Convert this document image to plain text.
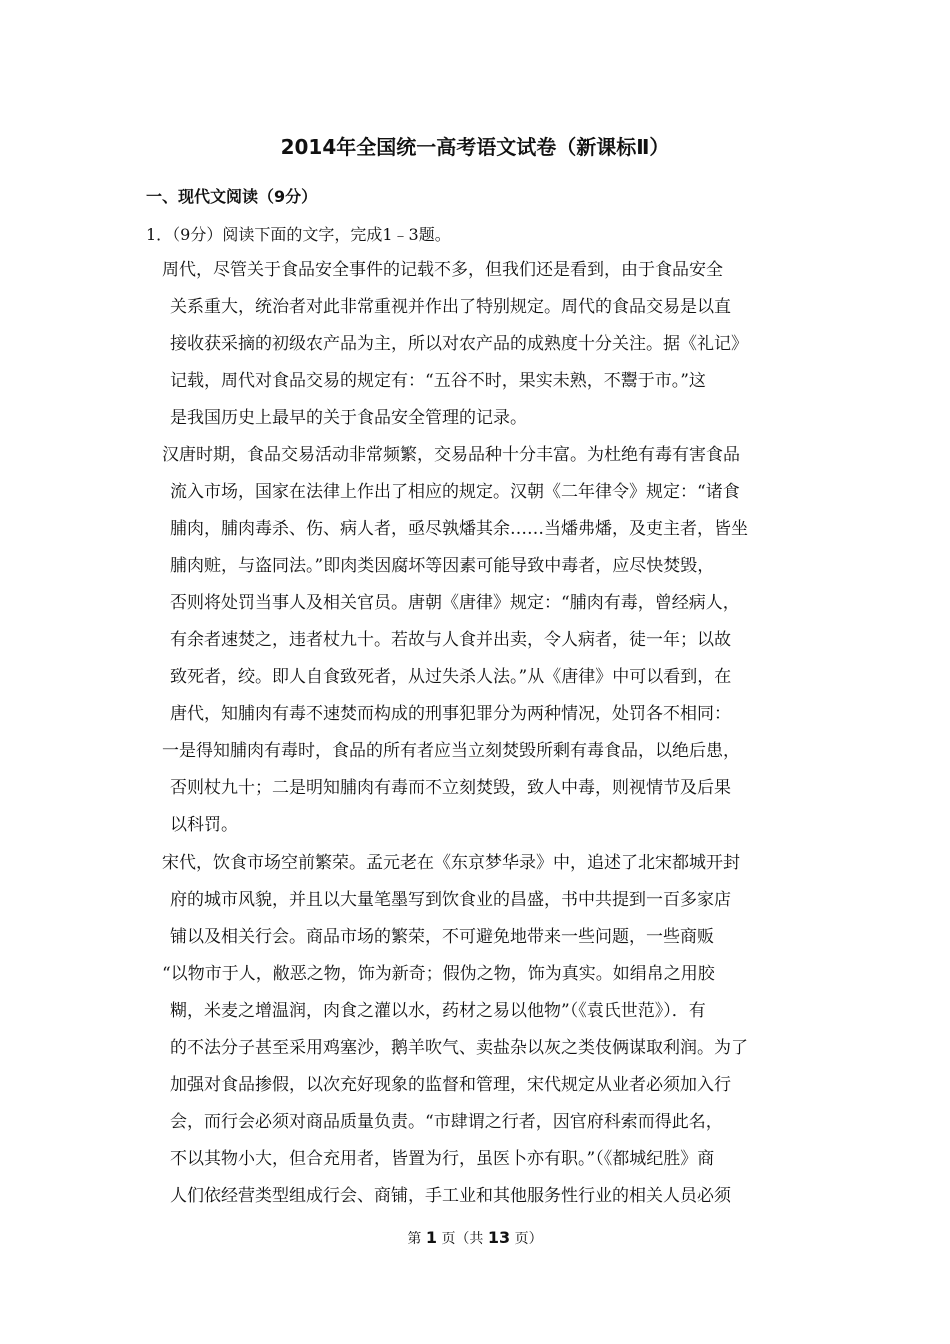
2014年全国统一高考语文试卷（新课标Ⅱ）
一、现代文阅读（9分）
1．（9分）阅读下面的文字，完成1﹣3题。
周代，尽管关于食品安全事件的记载不多，但我们还是看到，由于食品安全
关系重大，统治者对此非常重视并作出了特别规定。周代的食品交易是以直
接收获采摘的初级农产品为主，所以对农产品的成熟度十分关注。据《礼记》
记载，周代对食品交易的规定有：“五谷不时，果实未熟，不鬻于市。”这
是我国历史上最早的关于食品安全管理的记录。
汉唐时期，食品交易活动非常频繁，交易品种十分丰富。为杜绝有毒有害食品
流入市场，国家在法律上作出了相应的规定。汉朝《二年律令》规定：“诸食
脯肉，脯肉毒杀、伤、病人者，亟尽孰燔其余……当燔弗燔，及吏主者，皆坐
脯肉赃，与盗同法。”即肉类因腐坏等因素可能导致中毒者，应尽快焚毁，
否则将处罚当事人及相关官员。唐朝《唐律》规定：“脯肉有毒，曾经病人，
有余者速焚之，违者杖九十。若故与人食并出卖，令人病者，徒一年；以故
致死者，绞。即人自食致死者，从过失杀人法。”从《唐律》中可以看到，在
唐代，知脯肉有毒不速焚而构成的刑事犯罪分为两种情况，处罚各不相同：
一是得知脯肉有毒时，食品的所有者应当立刻焚毁所剩有毒食品，以绝后患，
否则杖九十；二是明知脯肉有毒而不立刻焚毁，致人中毒，则视情节及后果
以科罚。
宋代，饮食市场空前繁荣。孟元老在《东京梦华录》中，追述了北宋都城开封
府的城市风貌，并且以大量笔墨写到饮食业的昌盛，书中共提到一百多家店
铺以及相关行会。商品市场的繁荣，不可避免地带来一些问题，一些商贩
“以物市于人，敝恶之物，饰为新奇；假伪之物，饰为真实。如绢帛之用胶
糊，米麦之增温润，肉食之灌以水，药材之易以他物”（《袁氏世范》）．有
的不法分子甚至采用鸡塞沙，鹅羊吹气、卖盐杂以灰之类伎俩谋取利润。为了
加强对食品掺假，以次充好现象的监督和管理，宋代规定从业者必须加入行
会，而行会必须对商品质量负责。“市肆谓之行者，因官府科索而得此名，
不以其物小大，但合充用者，皆置为行，虽医卜亦有职。”（《都城纪胜》商
人们依经营类型组成行会、商铺，手工业和其他服务性行业的相关人员必须
第 1 页（共 13 页）
